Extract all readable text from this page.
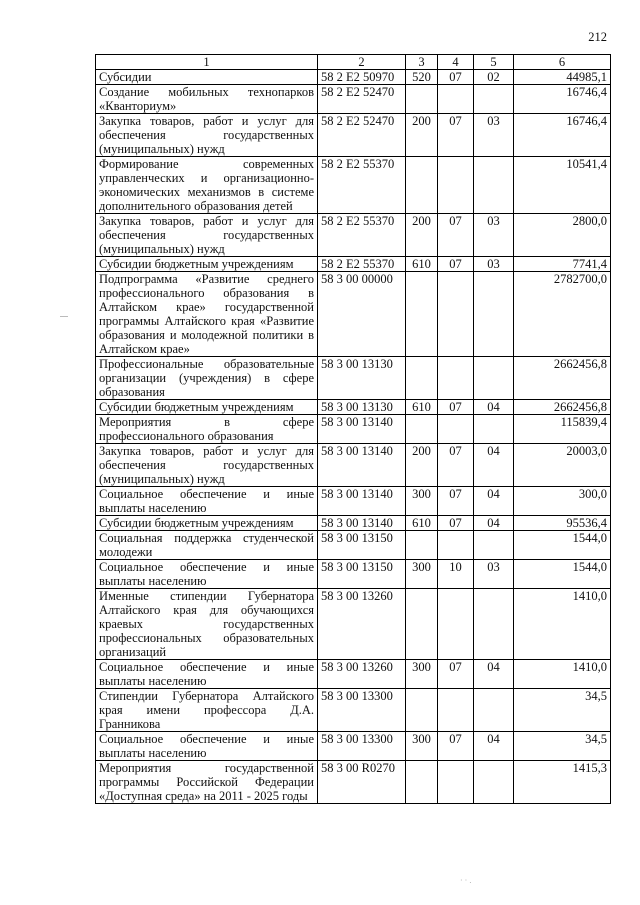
212
1	2	3	4	5	6
Субсидии	58 2 E2 50970	520	07	02	44985,1
Создание мобильных технопарков «Кванториум»	58 2 E2 52470				16746,4
Закупка товаров, работ и услуг для обеспечения государственных (муниципальных) нужд	58 2 E2 52470	200	07	03	16746,4
Формирование современных управленческих и организационно-экономических механизмов в системе дополнительного образования детей	58 2 E2 55370				10541,4
Закупка товаров, работ и услуг для обеспечения государственных (муниципальных) нужд	58 2 E2 55370	200	07	03	2800,0
Субсидии бюджетным учреждениям	58 2 E2 55370	610	07	03	7741,4
Подпрограмма «Развитие среднего профессионального образования в Алтайском крае» государственной программы Алтайского края «Развитие образования и молодежной политики в Алтайском крае»	58 3 00 00000				2782700,0
Профессиональные образовательные организации (учреждения) в сфере образования	58 3 00 13130				2662456,8
Субсидии бюджетным учреждениям	58 3 00 13130	610	07	04	2662456,8
Мероприятия в сфере профессионального образования	58 3 00 13140				115839,4
Закупка товаров, работ и услуг для обеспечения государственных (муниципальных) нужд	58 3 00 13140	200	07	04	20003,0
Социальное обеспечение и иные выплаты населению	58 3 00 13140	300	07	04	300,0
Субсидии бюджетным учреждениям	58 3 00 13140	610	07	04	95536,4
Социальная поддержка студенческой молодежи	58 3 00 13150				1544,0
Социальное обеспечение и иные выплаты населению	58 3 00 13150	300	10	03	1544,0
Именные стипендии Губернатора Алтайского края для обучающихся краевых государственных профессиональных образовательных организаций	58 3 00 13260				1410,0
Социальное обеспечение и иные выплаты населению	58 3 00 13260	300	07	04	1410,0
Стипендии Губернатора Алтайского края имени профессора Д.А. Гранникова	58 3 00 13300				34,5
Социальное обеспечение и иные выплаты населению	58 3 00 13300	300	07	04	34,5
Мероприятия государственной программы Российской Федерации «Доступная среда» на 2011 - 2025 годы	58 3 00 R0270				1415,3
· · .
